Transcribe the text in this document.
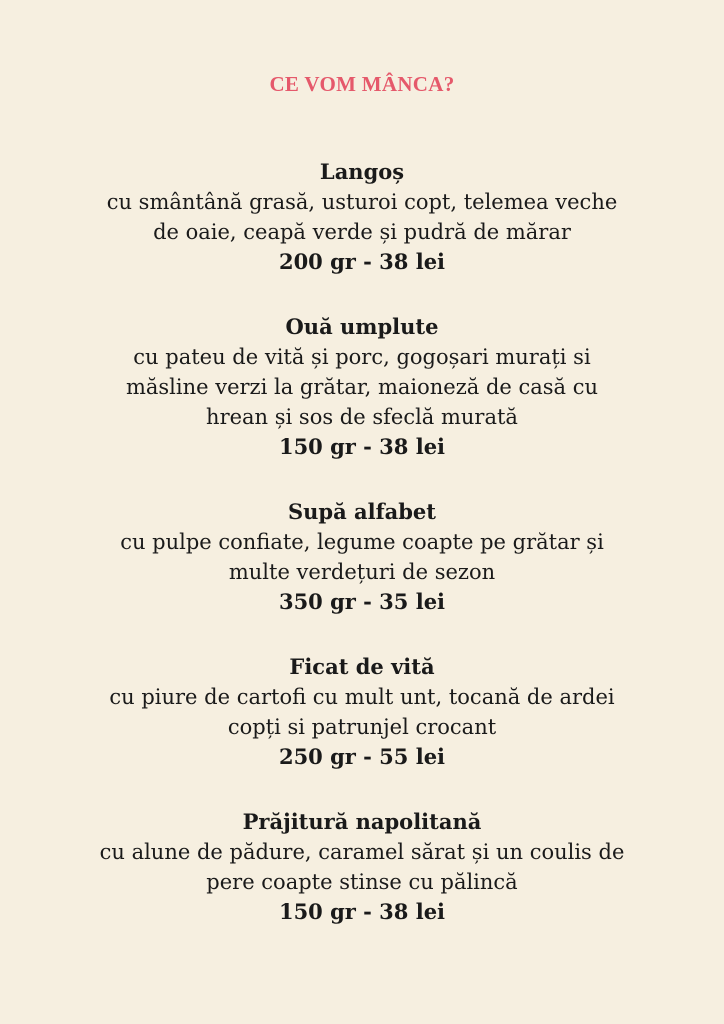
CE VOM MÂNCA?
Langoș
cu smântână grasă, usturoi copt, telemea veche
de oaie, ceapă verde și pudră de mărar
200 gr - 38 lei
Ouă umplute
cu pateu de vită și porc, gogoșari murați si
măsline verzi la grătar, maioneză de casă cu
hrean și sos de sfeclă murată
150 gr - 38 lei
Supă alfabet
cu pulpe confiate, legume coapte pe grătar și
multe verdețuri de sezon
350 gr - 35 lei
Ficat de vită
cu piure de cartofi cu mult unt, tocană de ardei
copți si patrunjel crocant
250 gr - 55 lei
Prăjitură napolitană
cu alune de pădure, caramel sărat și un coulis de
pere coapte stinse cu pălincă
150 gr - 38 lei
